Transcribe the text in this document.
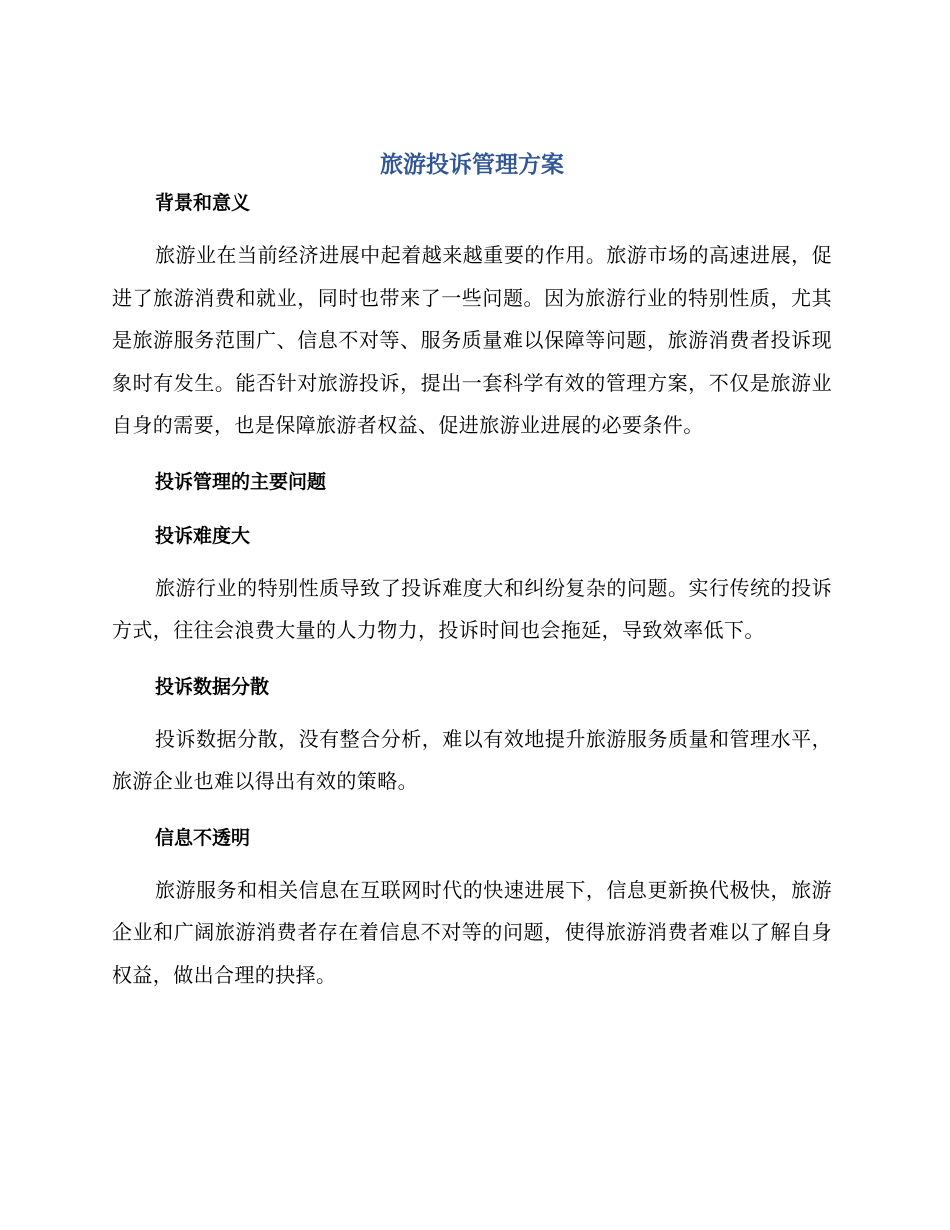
旅游投诉管理方案
背景和意义

旅游业在当前经济进展中起着越来越重要的作用。旅游市场的高速进展，促进了旅游消费和就业，同时也带来了一些问题。因为旅游行业的特别性质，尤其是旅游服务范围广、信息不对等、服务质量难以保障等问题，旅游消费者投诉现象时有发生。能否针对旅游投诉，提出一套科学有效的管理方案，不仅是旅游业自身的需要，也是保障旅游者权益、促进旅游业进展的必要条件。

投诉管理的主要问题
投诉难度大

旅游行业的特别性质导致了投诉难度大和纠纷复杂的问题。实行传统的投诉方式，往往会浪费大量的人力物力，投诉时间也会拖延，导致效率低下。

投诉数据分散

投诉数据分散，没有整合分析，难以有效地提升旅游服务质量和管理水平，旅游企业也难以得出有效的策略。

信息不透明

旅游服务和相关信息在互联网时代的快速进展下，信息更新换代极快，旅游企业和广阔旅游消费者存在着信息不对等的问题，使得旅游消费者难以了解自身权益，做出合理的抉择。
